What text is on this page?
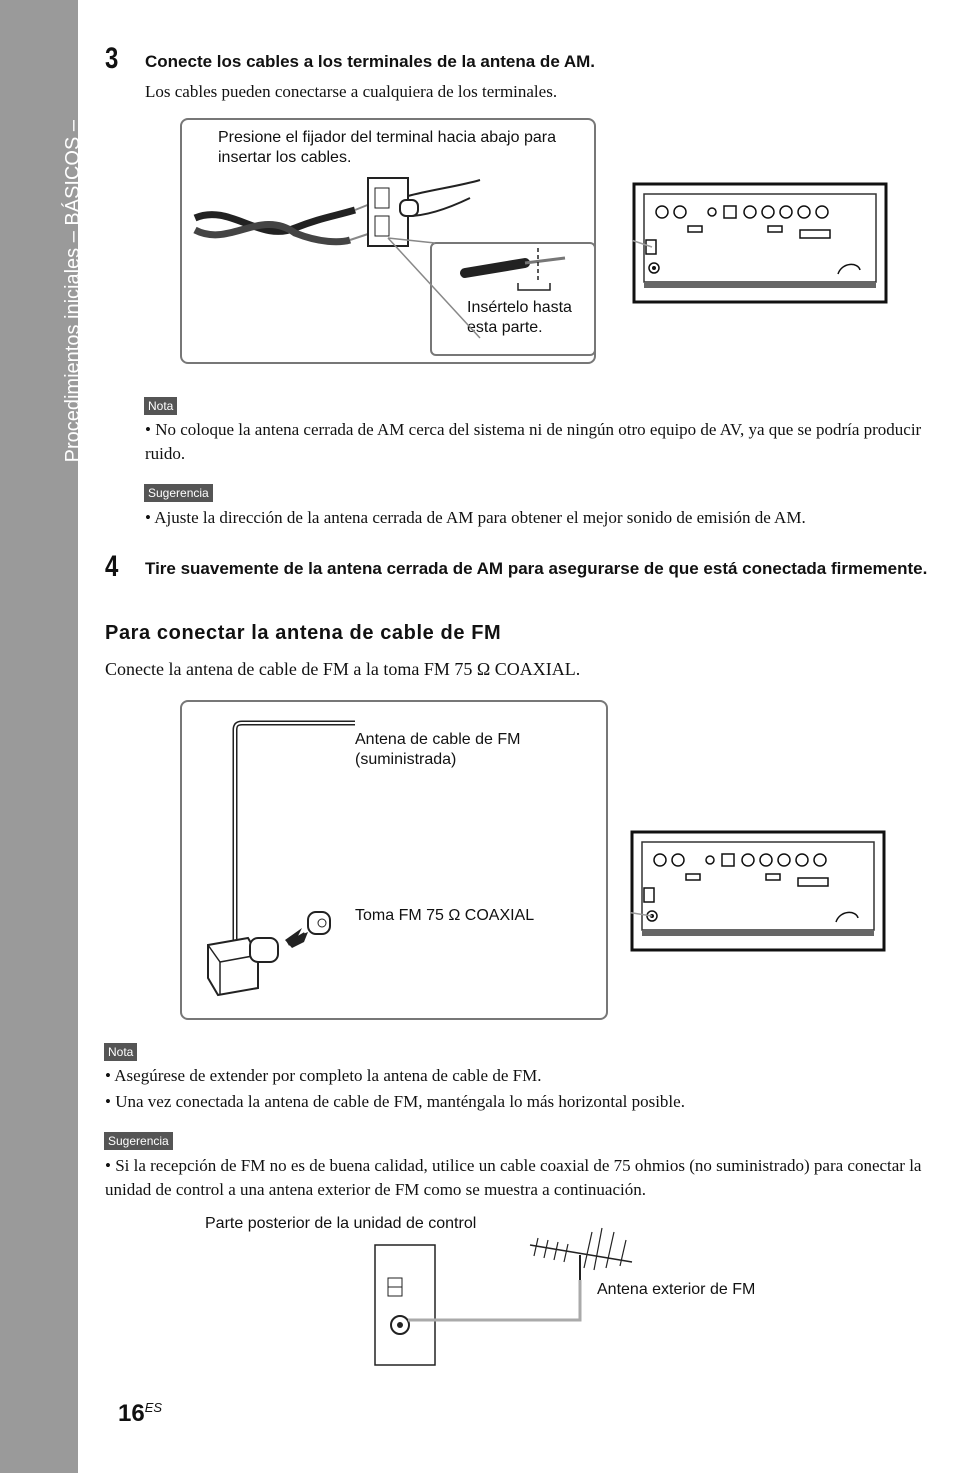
Procedimientos iniciales – BÁSICOS –
3 Conecte los cables a los terminales de la antena de AM.
Los cables pueden conectarse a cualquiera de los terminales.
Presione el fijador del terminal hacia abajo para insertar los cables.
Insértelo hasta esta parte.
Nota
• No coloque la antena cerrada de AM cerca del sistema ni de ningún otro equipo de AV, ya que se podría producir ruido.
Sugerencia
• Ajuste la dirección de la antena cerrada de AM para obtener el mejor sonido de emisión de AM.
4 Tire suavemente de la antena cerrada de AM para asegurarse de que está conectada firmemente.
Para conectar la antena de cable de FM
Conecte la antena de cable de FM a la toma FM 75 Ω COAXIAL.
Antena de cable de FM (suministrada)
Toma FM 75 Ω COAXIAL
Nota
• Asegúrese de extender por completo la antena de cable de FM.
• Una vez conectada la antena de cable de FM, manténgala lo más horizontal posible.
Sugerencia
• Si la recepción de FM no es de buena calidad, utilice un cable coaxial de 75 ohmios (no suministrado) para conectar la unidad de control a una antena exterior de FM como se muestra a continuación.
Parte posterior de la unidad de control
Antena exterior de FM
$16^{ES}$
